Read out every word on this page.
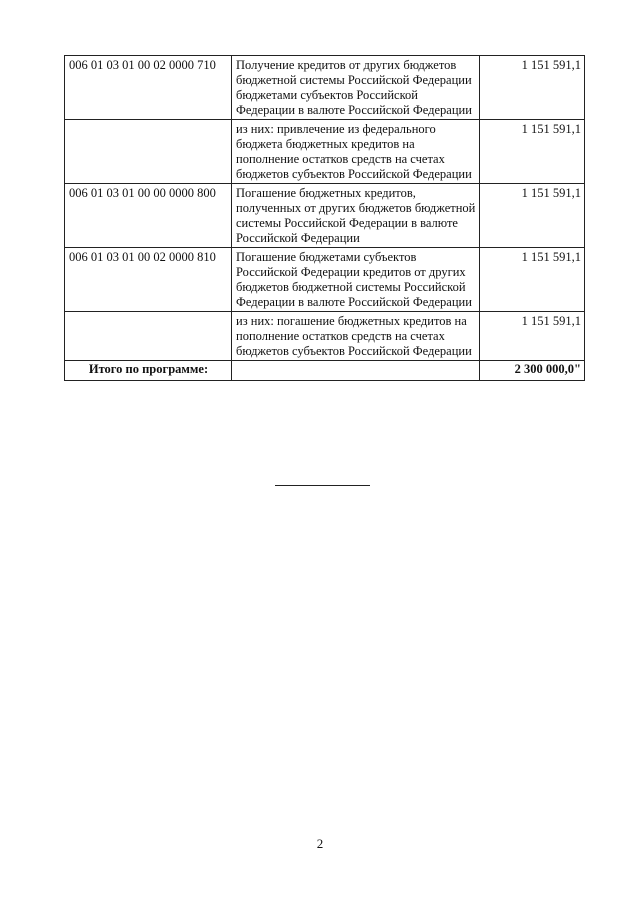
006 01 03 01 00 02 0000 710	Получение кредитов от других бюджетов бюджетной системы Российской Федерации бюджетами субъектов Российской Федерации в валюте Российской Федерации	1 151 591,1
	из них: привлечение из федерального бюджета бюджетных кредитов на пополнение остатков средств на счетах бюджетов субъектов Российской Федерации	1 151 591,1
006 01 03 01 00 00 0000 800	Погашение бюджетных кредитов, полученных от других бюджетов бюджетной системы Российской Федерации в валюте Российской Федерации	1 151 591,1
006 01 03 01 00 02 0000 810	Погашение бюджетами субъектов Российской Федерации кредитов от других бюджетов бюджетной системы Российской Федерации в валюте Российской Федерации	1 151 591,1
	из них: погашение бюджетных кредитов на пополнение остатков средств на счетах бюджетов субъектов Российской Федерации	1 151 591,1
Итого по программе:		2 300 000,0"
2
